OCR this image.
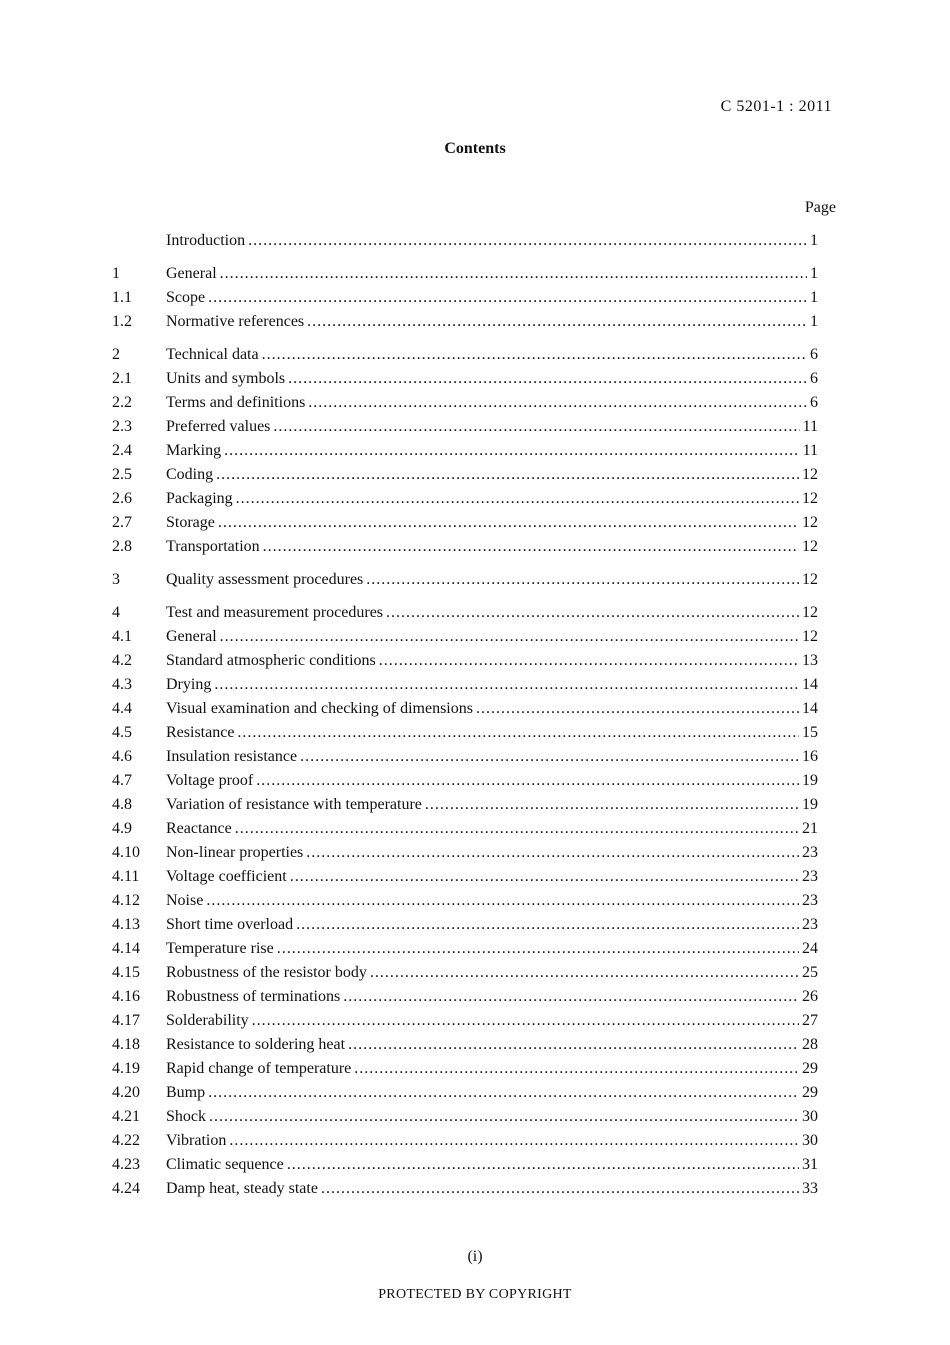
C 5201-1 : 2011
Contents
Page
Introduction .....	1
1	General .....	1
1.1	Scope .....	1
1.2	Normative references .....	1
2	Technical data .....	6
2.1	Units and symbols .....	6
2.2	Terms and definitions .....	6
2.3	Preferred values .....	11
2.4	Marking .....	11
2.5	Coding .....	12
2.6	Packaging .....	12
2.7	Storage .....	12
2.8	Transportation .....	12
3	Quality assessment procedures .....	12
4	Test and measurement procedures .....	12
4.1	General .....	12
4.2	Standard atmospheric conditions .....	13
4.3	Drying .....	14
4.4	Visual examination and checking of dimensions .....	14
4.5	Resistance .....	15
4.6	Insulation resistance .....	16
4.7	Voltage proof .....	19
4.8	Variation of resistance with temperature .....	19
4.9	Reactance .....	21
4.10	Non-linear properties .....	23
4.11	Voltage coefficient .....	23
4.12	Noise .....	23
4.13	Short time overload .....	23
4.14	Temperature rise .....	24
4.15	Robustness of the resistor body .....	25
4.16	Robustness of terminations .....	26
4.17	Solderability .....	27
4.18	Resistance to soldering heat .....	28
4.19	Rapid change of temperature .....	29
4.20	Bump .....	29
4.21	Shock .....	30
4.22	Vibration .....	30
4.23	Climatic sequence .....	31
4.24	Damp heat, steady state .....	33
(i)
PROTECTED BY COPYRIGHT
